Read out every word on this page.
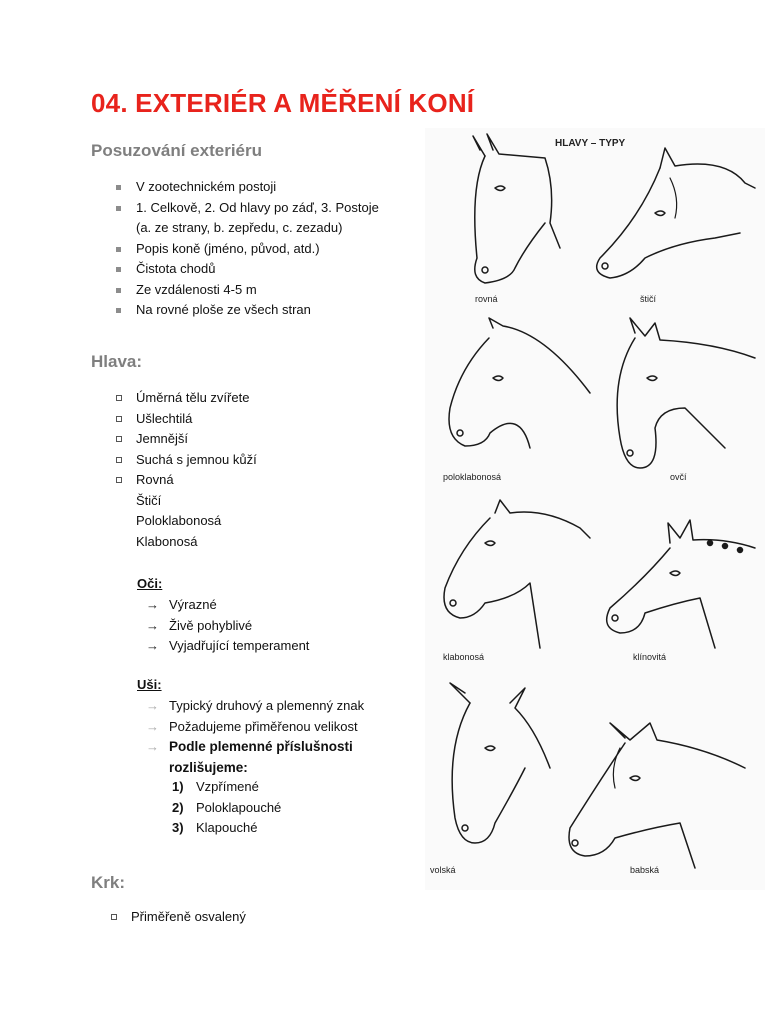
04. EXTERIÉR A MĚŘENÍ KONÍ
Posuzování exteriéru
V zootechnickém postoji
1. Celkově, 2. Od hlavy po záď, 3. Postoje
(a. ze strany, b. zepředu, c. zezadu)
Popis koně (jméno, původ, atd.)
Čistota chodů
Ze vzdálenosti 4-5 m
Na rovné ploše ze všech stran
Hlava:
Úměrná tělu zvířete
Ušlechtilá
Jemnější
Suchá s jemnou kůží
Rovná
Štičí
Poloklabonosá
Klabonosá

Oči:

→ Výrazné
→ Živě pohyblivé
→ Vyjadřující temperament

Uši:

→ Typický druhový a plemenný znak
→ Požadujeme přiměřenou velikost
→ Podle plemenné příslušnosti
rozlišujeme:
1) Vzpřímené
2) Poloklapouché
3) Klapouché
Krk:
Přiměřeně osvalený
HLAVY – TYPY
rovná	štičí
poloklabonosá	ovčí
klabonosá	klínovitá
volská	babská
